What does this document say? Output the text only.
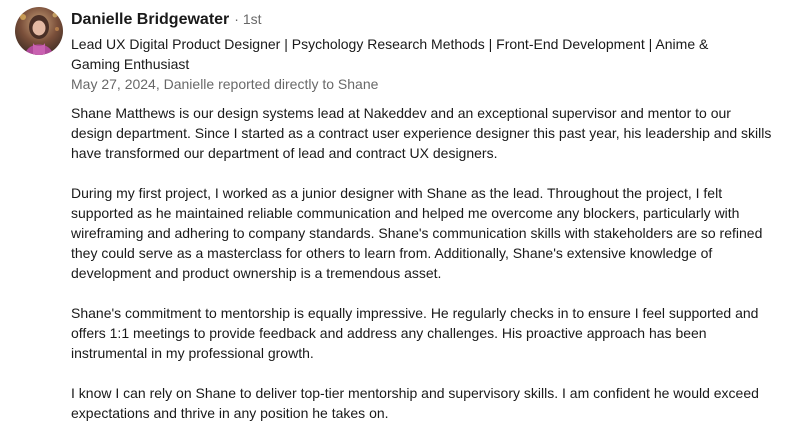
Danielle Bridgewater · 1st
Lead UX Digital Product Designer | Psychology Research Methods | Front-End Development | Anime & Gaming Enthusiast
May 27, 2024, Danielle reported directly to Shane

Shane Matthews is our design systems lead at Nakeddev and an exceptional supervisor and mentor to our design department. Since I started as a contract user experience designer this past year, his leadership and skills have transformed our department of lead and contract UX designers.

During my first project, I worked as a junior designer with Shane as the lead. Throughout the project, I felt supported as he maintained reliable communication and helped me overcome any blockers, particularly with wireframing and adhering to company standards. Shane's communication skills with stakeholders are so refined they could serve as a masterclass for others to learn from. Additionally, Shane's extensive knowledge of development and product ownership is a tremendous asset.

Shane's commitment to mentorship is equally impressive. He regularly checks in to ensure I feel supported and offers 1:1 meetings to provide feedback and address any challenges. His proactive approach has been instrumental in my professional growth.

I know I can rely on Shane to deliver top-tier mentorship and supervisory skills. I am confident he would exceed expectations and thrive in any position he takes on.
